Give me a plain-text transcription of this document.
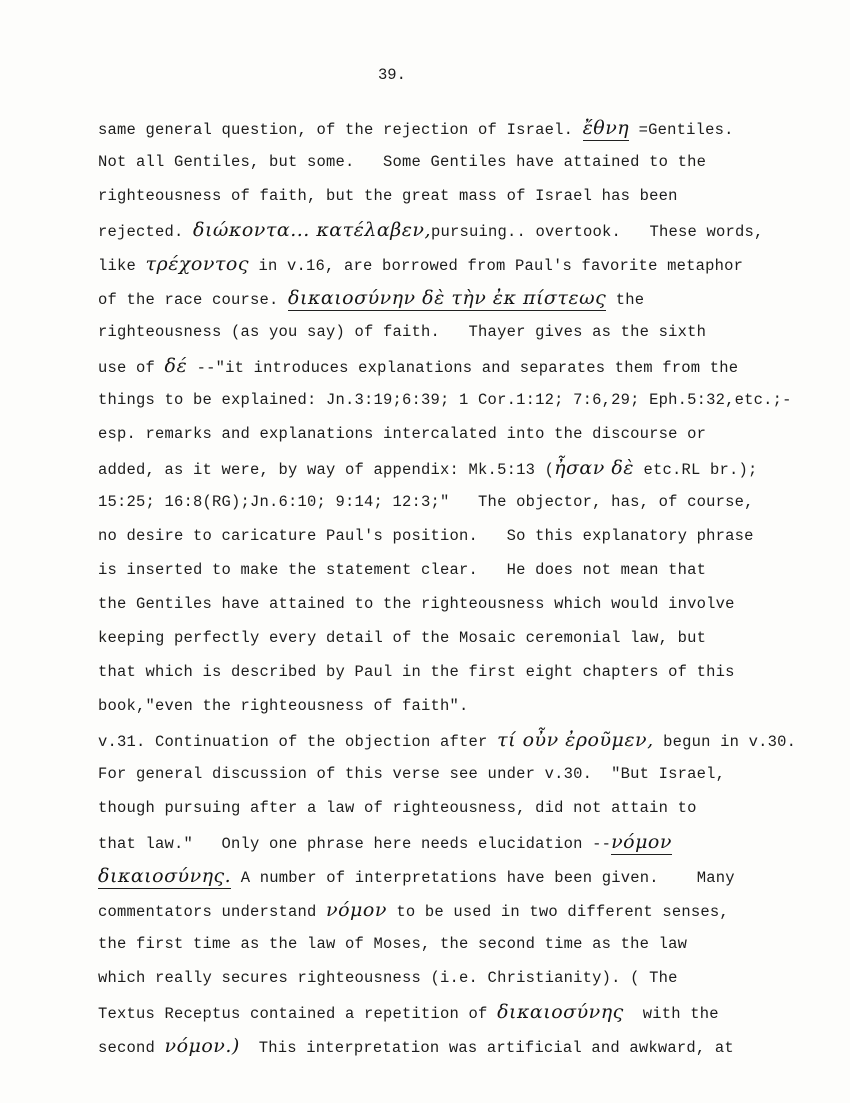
39.
same general question, of the rejection of Israel. ἔθνη =Gentiles.
Not all Gentiles, but some.   Some Gentiles have attained to the
righteousness of faith, but the great mass of Israel has been
rejected. διώκοντα... κατέλαβεν,pursuing.. overtook.   These words,
like τρέχοντος in v.16, are borrowed from Paul's favorite metaphor
of the race course. δικαιοσύνην δὲ τὴν ἐκ πίστεως the
righteousness (as you say) of faith.   Thayer gives as the sixth
use of δέ --"it introduces explanations and separates them from the
things to be explained: Jn.3:19;6:39; 1 Cor.1:12; 7:6,29; Eph.5:32,etc.;-
esp. remarks and explanations intercalated into the discourse or
added, as it were, by way of appendix: Mk.5:13 (ἦσαν δὲ etc.RL br.);
15:25; 16:8(RG);Jn.6:10; 9:14; 12:3;"   The objector, has, of course,
no desire to caricature Paul's position.   So this explanatory phrase
is inserted to make the statement clear.   He does not mean that
the Gentiles have attained to the righteousness which would involve
keeping perfectly every detail of the Mosaic ceremonial law, but
that which is described by Paul in the first eight chapters of this
book,"even the righteousness of faith".
v.31. Continuation of the objection after τί οὖν ἐροῦμεν, begun in v.30.
For general discussion of this verse see under v.30.  "But Israel,
though pursuing after a law of righteousness, did not attain to
that law."   Only one phrase here needs elucidation --νόμον
δικαιοσύνης. A number of interpretations have been given.    Many
commentators understand νόμον to be used in two different senses,
the first time as the law of Moses, the second time as the law
which really secures righteousness (i.e. Christianity). ( The
Textus Receptus contained a repetition of δικαιοσύνης  with the
second νόμον.)  This interpretation was artificial and awkward, at
